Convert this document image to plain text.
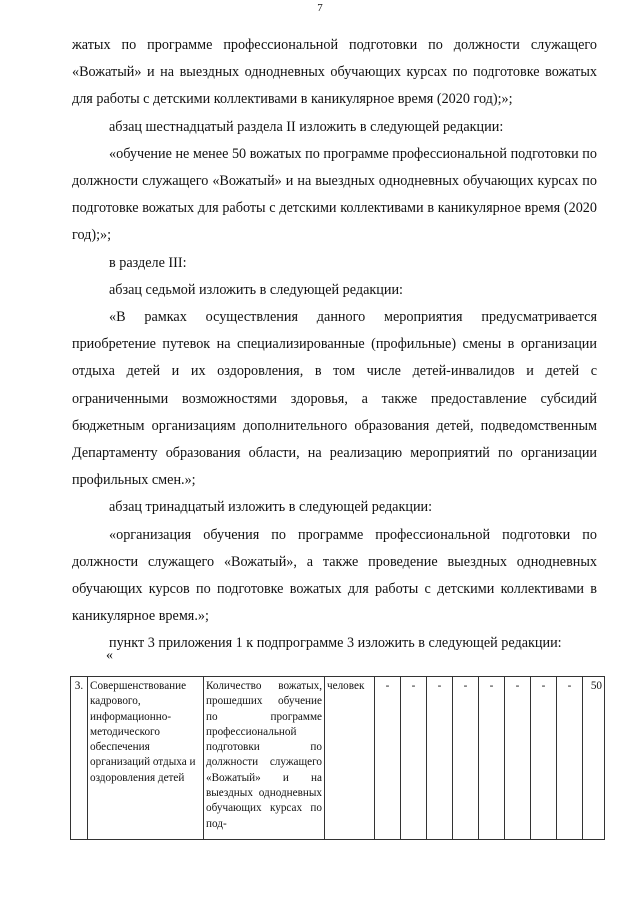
7

жатых по программе профессиональной подготовки по должности служащего «Вожатый» и на выездных однодневных обучающих курсах по подготовке вожатых для работы с детскими коллективами в каникулярное время (2020 год);»;

абзац шестнадцатый раздела II изложить в следующей редакции:

«обучение не менее 50 вожатых по программе профессиональной подготовки по должности служащего «Вожатый» и на выездных однодневных обучающих курсах по подготовке вожатых для работы с детскими коллективами в каникулярное время (2020 год);»;

в разделе III:

абзац седьмой изложить в следующей редакции:

«В рамках осуществления данного мероприятия предусматривается приобретение путевок на специализированные (профильные) смены в организации отдыха детей и их оздоровления, в том числе детей-инвалидов и детей с ограниченными возможностями здоровья, а также предоставление субсидий бюджетным организациям дополнительного образования детей, подведомственным Департаменту образования области, на реализацию мероприятий по организации профильных смен.»;

абзац тринадцатый изложить в следующей редакции:

«организация обучения по программе профессиональной подготовки по должности служащего «Вожатый», а также проведение выездных однодневных обучающих курсов по подготовке вожатых для работы с детскими коллективами в каникулярное время.»;

пункт 3 приложения 1 к подпрограмме 3 изложить в следующей редакции:

«
3.	Совершенствование кадрового, информационно-методического обеспечения организаций отдыха и оздоровления детей	Количество вожатых, прошедших обучение по программе профессиональной подготовки по должности служащего «Вожатый» и на выездных однодневных обучающих курсах по под-	человек	-	-	-	-	-	-	-	-	50
